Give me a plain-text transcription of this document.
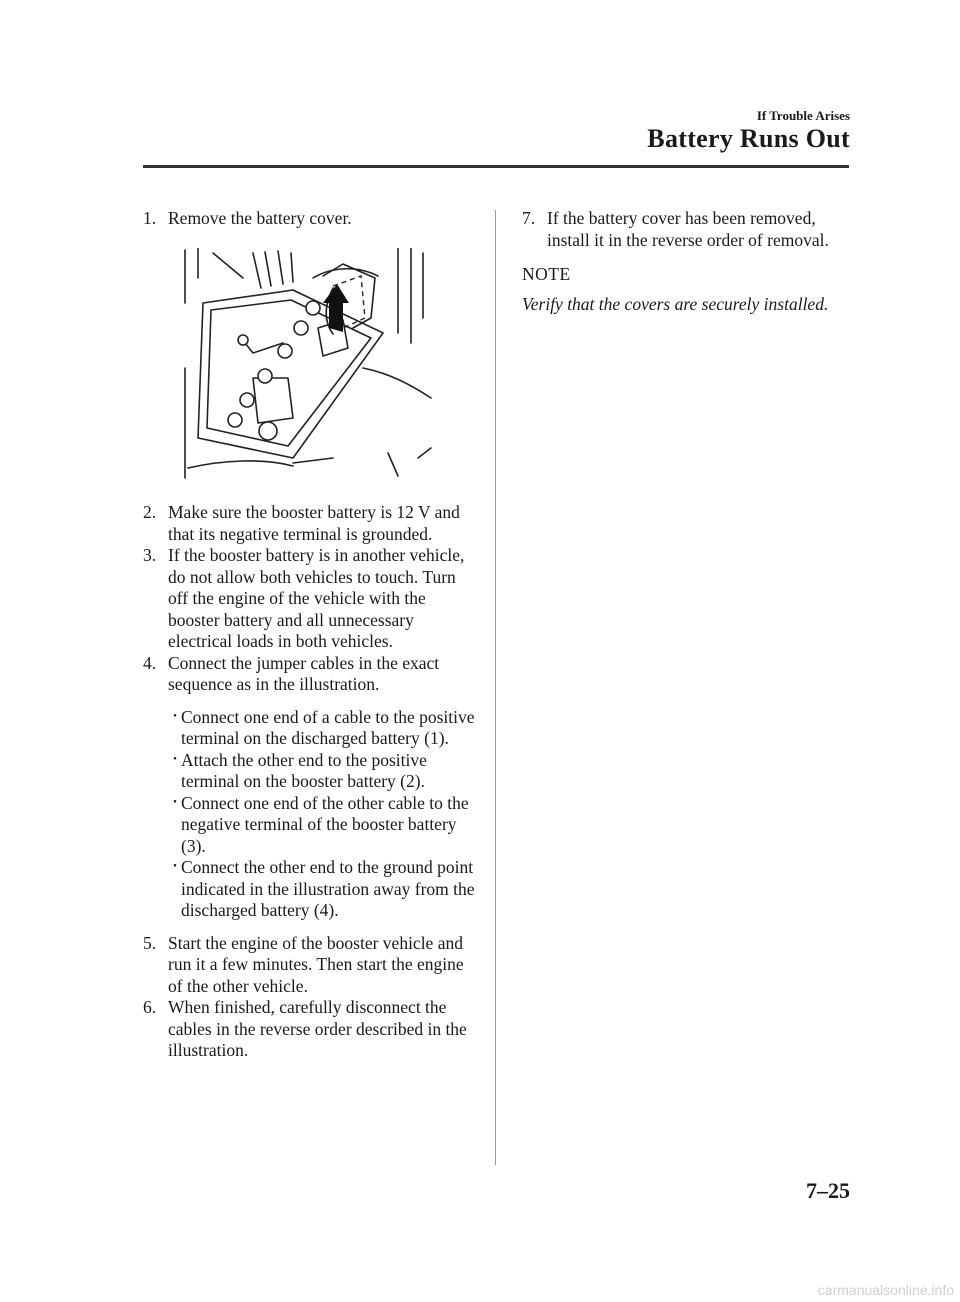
If Trouble Arises
Battery Runs Out
1. Remove the battery cover.
2. Make sure the booster battery is 12 V and that its negative terminal is grounded.
3. If the booster battery is in another vehicle, do not allow both vehicles to touch. Turn off the engine of the vehicle with the booster battery and all unnecessary electrical loads in both vehicles.
4. Connect the jumper cables in the exact sequence as in the illustration.
・ Connect one end of a cable to the positive terminal on the discharged battery (1).
・ Attach the other end to the positive terminal on the booster battery (2).
・ Connect one end of the other cable to the negative terminal of the booster battery (3).
・ Connect the other end to the ground point indicated in the illustration away from the discharged battery (4).
5. Start the engine of the booster vehicle and run it a few minutes. Then start the engine of the other vehicle.
6. When finished, carefully disconnect the cables in the reverse order described in the illustration.
7. If the battery cover has been removed, install it in the reverse order of removal.

NOTE

Verify that the covers are securely installed.

7–25
carmanualsonline.info
